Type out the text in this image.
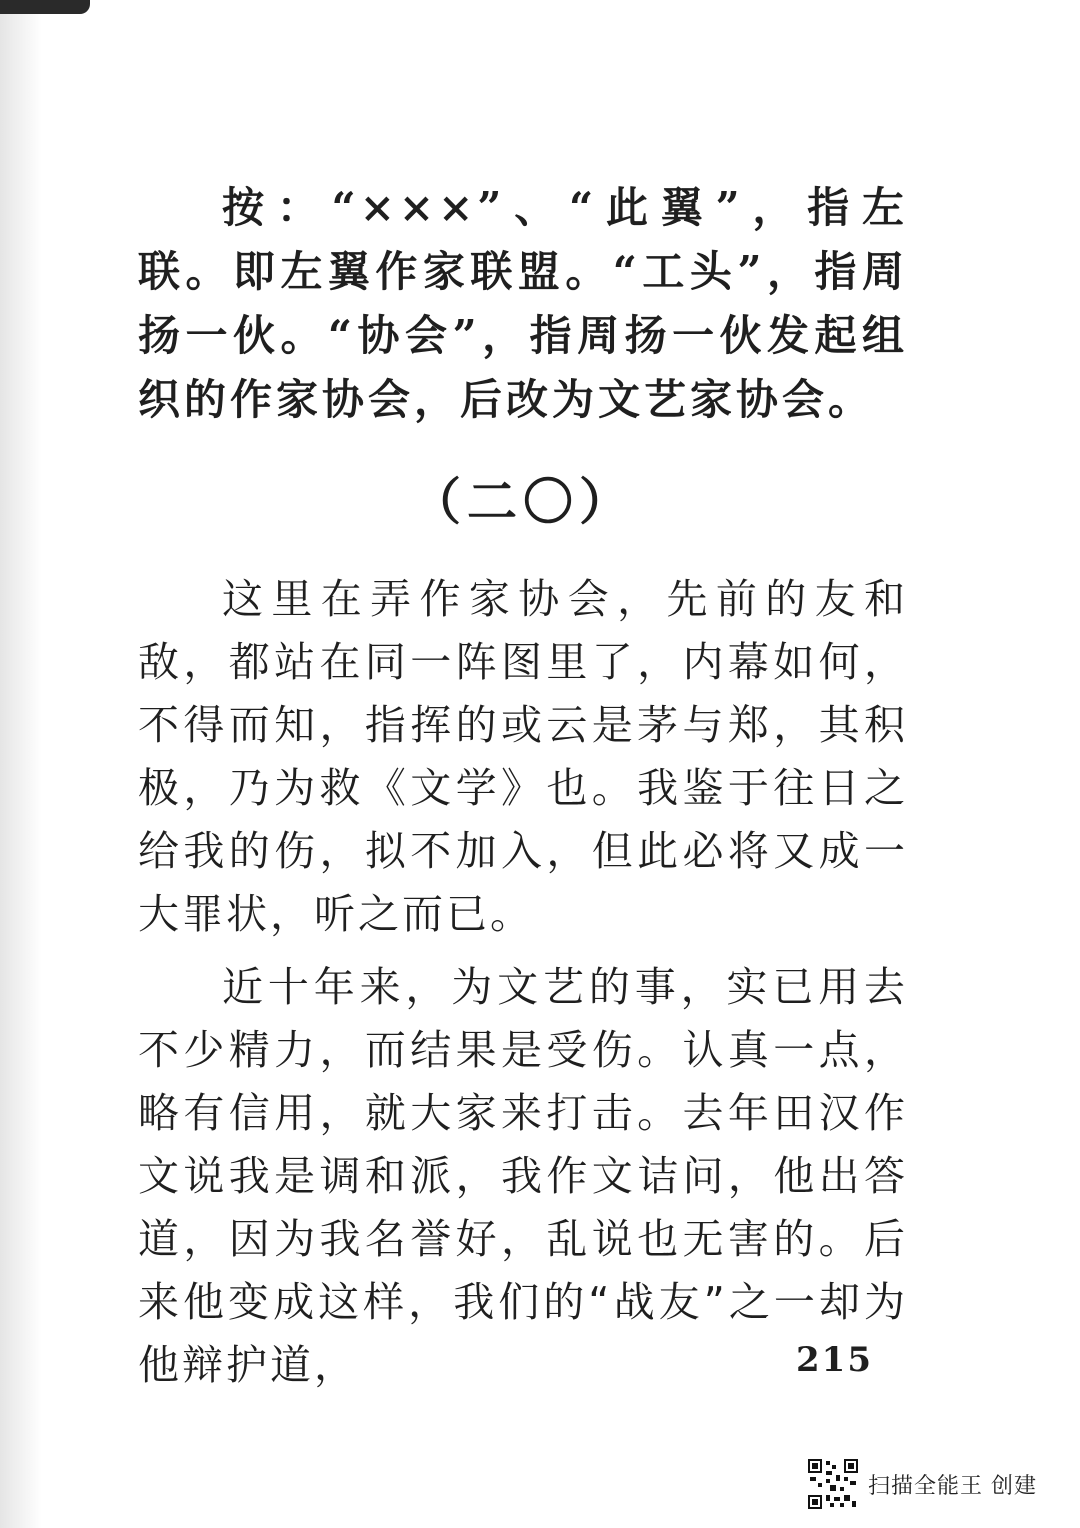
按：“×××”、“此翼”，指左联。即左翼作家联盟。“工头”，指周扬一伙。“协会”，指周扬一伙发起组织的作家协会，后改为文艺家协会。

（二〇）

这里在弄作家协会，先前的友和敌，都站在同一阵图里了，内幕如何，不得而知，指挥的或云是茅与郑，其积极，乃为救《文学》也。我鉴于往日之给我的伤，拟不加入，但此必将又成一大罪状，听之而已。

近十年来，为文艺的事，实已用去不少精力，而结果是受伤。认真一点，略有信用，就大家来打击。去年田汉作文说我是调和派，我作文诘问，他出答道，因为我名誉好，乱说也无害的。后来他变成这样，我们的“战友”之一却为他辩护道，	215
扫描全能王 创建
